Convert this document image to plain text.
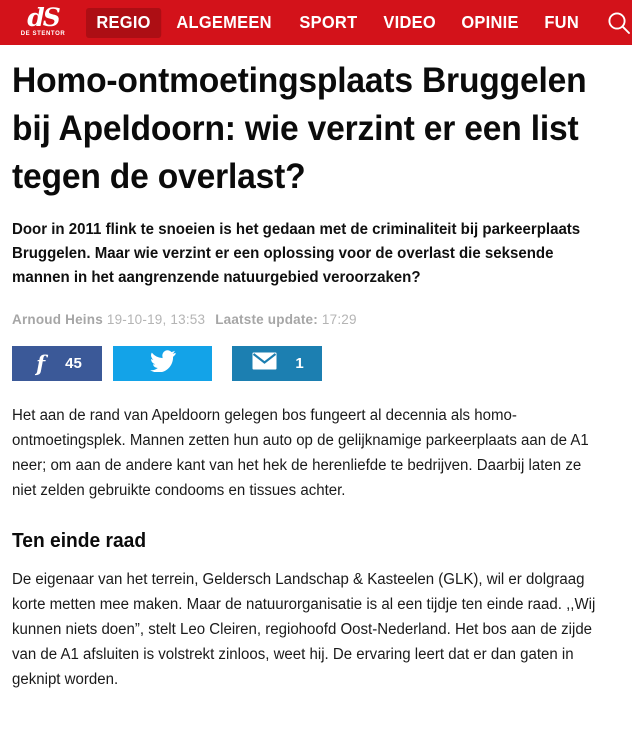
dS
DE STENTOR
REGIO	ALGEMEEN	SPORT	VIDEO	OPINIE	FUN
Homo-ontmoetingsplaats Bruggelen bij Apeldoorn: wie verzint er een list tegen de overlast?

Door in 2011 flink te snoeien is het gedaan met de criminaliteit bij parkeerplaats Bruggelen. Maar wie verzint er een oplossing voor de overlast die seksende mannen in het aangrenzende natuurgebied veroorzaken?

Arnoud Heins 19-10-19, 13:53 Laatste update: 17:29
f 45	1

Het aan de rand van Apeldoorn gelegen bos fungeert al decennia als homo-ontmoetingsplek. Mannen zetten hun auto op de gelijknamige parkeerplaats aan de A1 neer; om aan de andere kant van het hek de herenliefde te bedrijven. Daarbij laten ze niet zelden gebruikte condooms en tissues achter.

Ten einde raad

De eigenaar van het terrein, Geldersch Landschap & Kasteelen (GLK), wil er dolgraag korte metten mee maken. Maar de natuurorganisatie is al een tijdje ten einde raad. ,,Wij kunnen niets doen”, stelt Leo Cleiren, regiohoofd Oost-Nederland. Het bos aan de zijde van de A1 afsluiten is volstrekt zinloos, weet hij. De ervaring leert dat er dan gaten in geknipt worden.
